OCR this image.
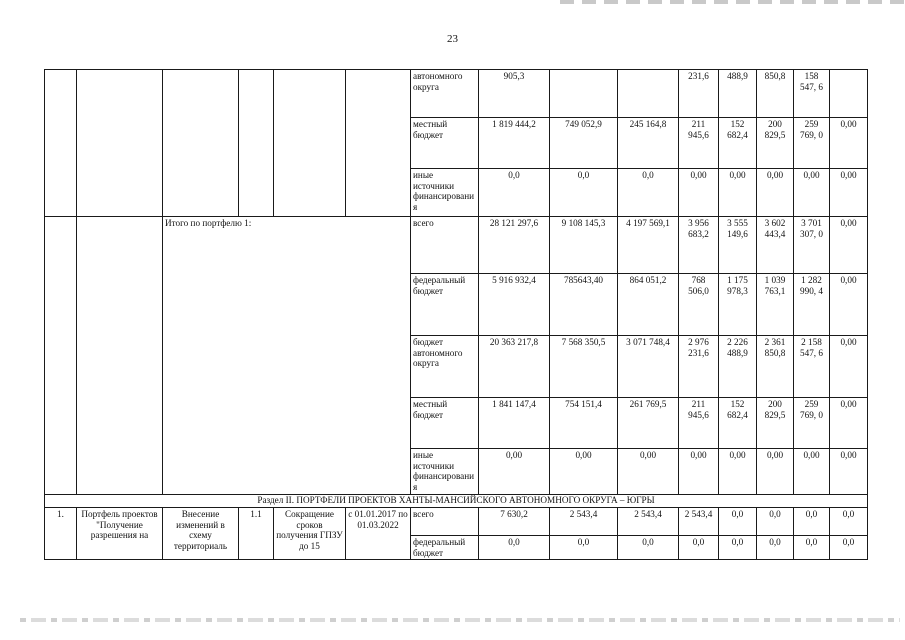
23
						автономного округа	905,3			231,6	488,9	850,8	158 547, 6	
						местный бюджет	1 819 444,2	749 052,9	245 164,8	211 945,6	152 682,4	200 829,5	259 769, 0	0,00
						иные источники финансирования	0,0	0,0	0,0	0,00	0,00	0,00	0,00	0,00
		Итого по портфелю 1:				всего	28 121 297,6	9 108 145,3	4 197 569,1	3 956 683,2	3 555 149,6	3 602 443,4	3 701 307, 0	0,00
						федеральный бюджет	5 916 932,4	785643,40	864 051,2	768 506,0	1 175 978,3	1 039 763,1	1 282 990, 4	0,00
						бюджет автономного округа	20 363 217,8	7 568 350,5	3 071 748,4	2 976 231,6	2 226 488,9	2 361 850,8	2 158 547, 6	0,00
						местный бюджет	1 841 147,4	754 151,4	261 769,5	211 945,6	152 682,4	200 829,5	259 769, 0	0,00
						иные источники финансирования	0,00	0,00	0,00	0,00	0,00	0,00	0,00	0,00
Раздел II. ПОРТФЕЛИ ПРОЕКТОВ ХАНТЫ-МАНСИЙСКОГО АВТОНОМНОГО ОКРУГА – ЮГРЫ														
1.	Портфель проектов "Получение разрешения на	Внесение изменений в схему территориаль	1.1	Сокращение сроков получения ГПЗУ до 15	с 01.01.2017 по 01.03.2022	всего	7 630,2	2 543,4	2 543,4	2 543,4	0,0	0,0	0,0	0,0
						федеральный бюджет	0,0	0,0	0,0	0,0	0,0	0,0	0,0	0,0
